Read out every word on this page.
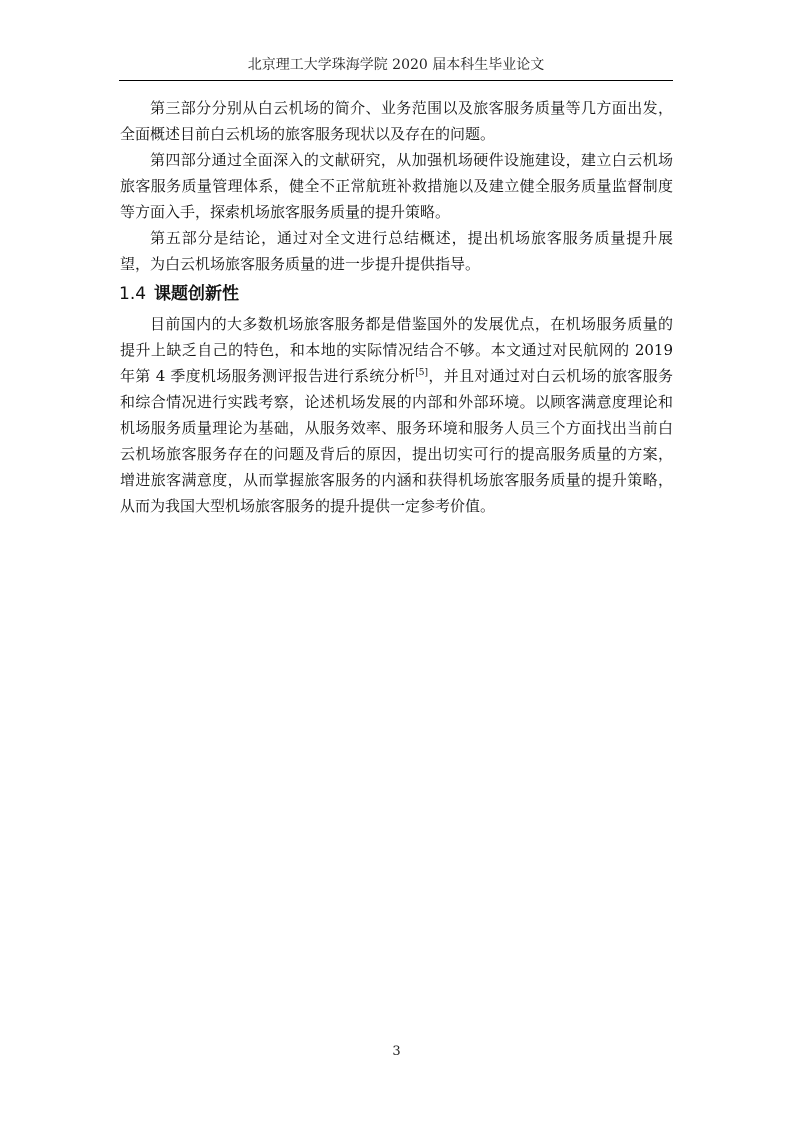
北京理工大学珠海学院 2020 届本科生毕业论文

第三部分分别从白云机场的简介、业务范围以及旅客服务质量等几方面出发，全面概述目前白云机场的旅客服务现状以及存在的问题。

第四部分通过全面深入的文献研究，从加强机场硬件设施建设，建立白云机场旅客服务质量管理体系，健全不正常航班补救措施以及建立健全服务质量监督制度等方面入手，探索机场旅客服务质量的提升策略。

第五部分是结论，通过对全文进行总结概述，提出机场旅客服务质量提升展望，为白云机场旅客服务质量的进一步提升提供指导。

1.4 课题创新性

目前国内的大多数机场旅客服务都是借鉴国外的发展优点，在机场服务质量的提升上缺乏自己的特色，和本地的实际情况结合不够。本文通过对民航网的 2019 年第 4 季度机场服务测评报告进行系统分析[5]，并且对通过对白云机场的旅客服务和综合情况进行实践考察，论述机场发展的内部和外部环境。以顾客满意度理论和机场服务质量理论为基础，从服务效率、服务环境和服务人员三个方面找出当前白云机场旅客服务存在的问题及背后的原因，提出切实可行的提高服务质量的方案，增进旅客满意度，从而掌握旅客服务的内涵和获得机场旅客服务质量的提升策略，从而为我国大型机场旅客服务的提升提供一定参考价值。

3
